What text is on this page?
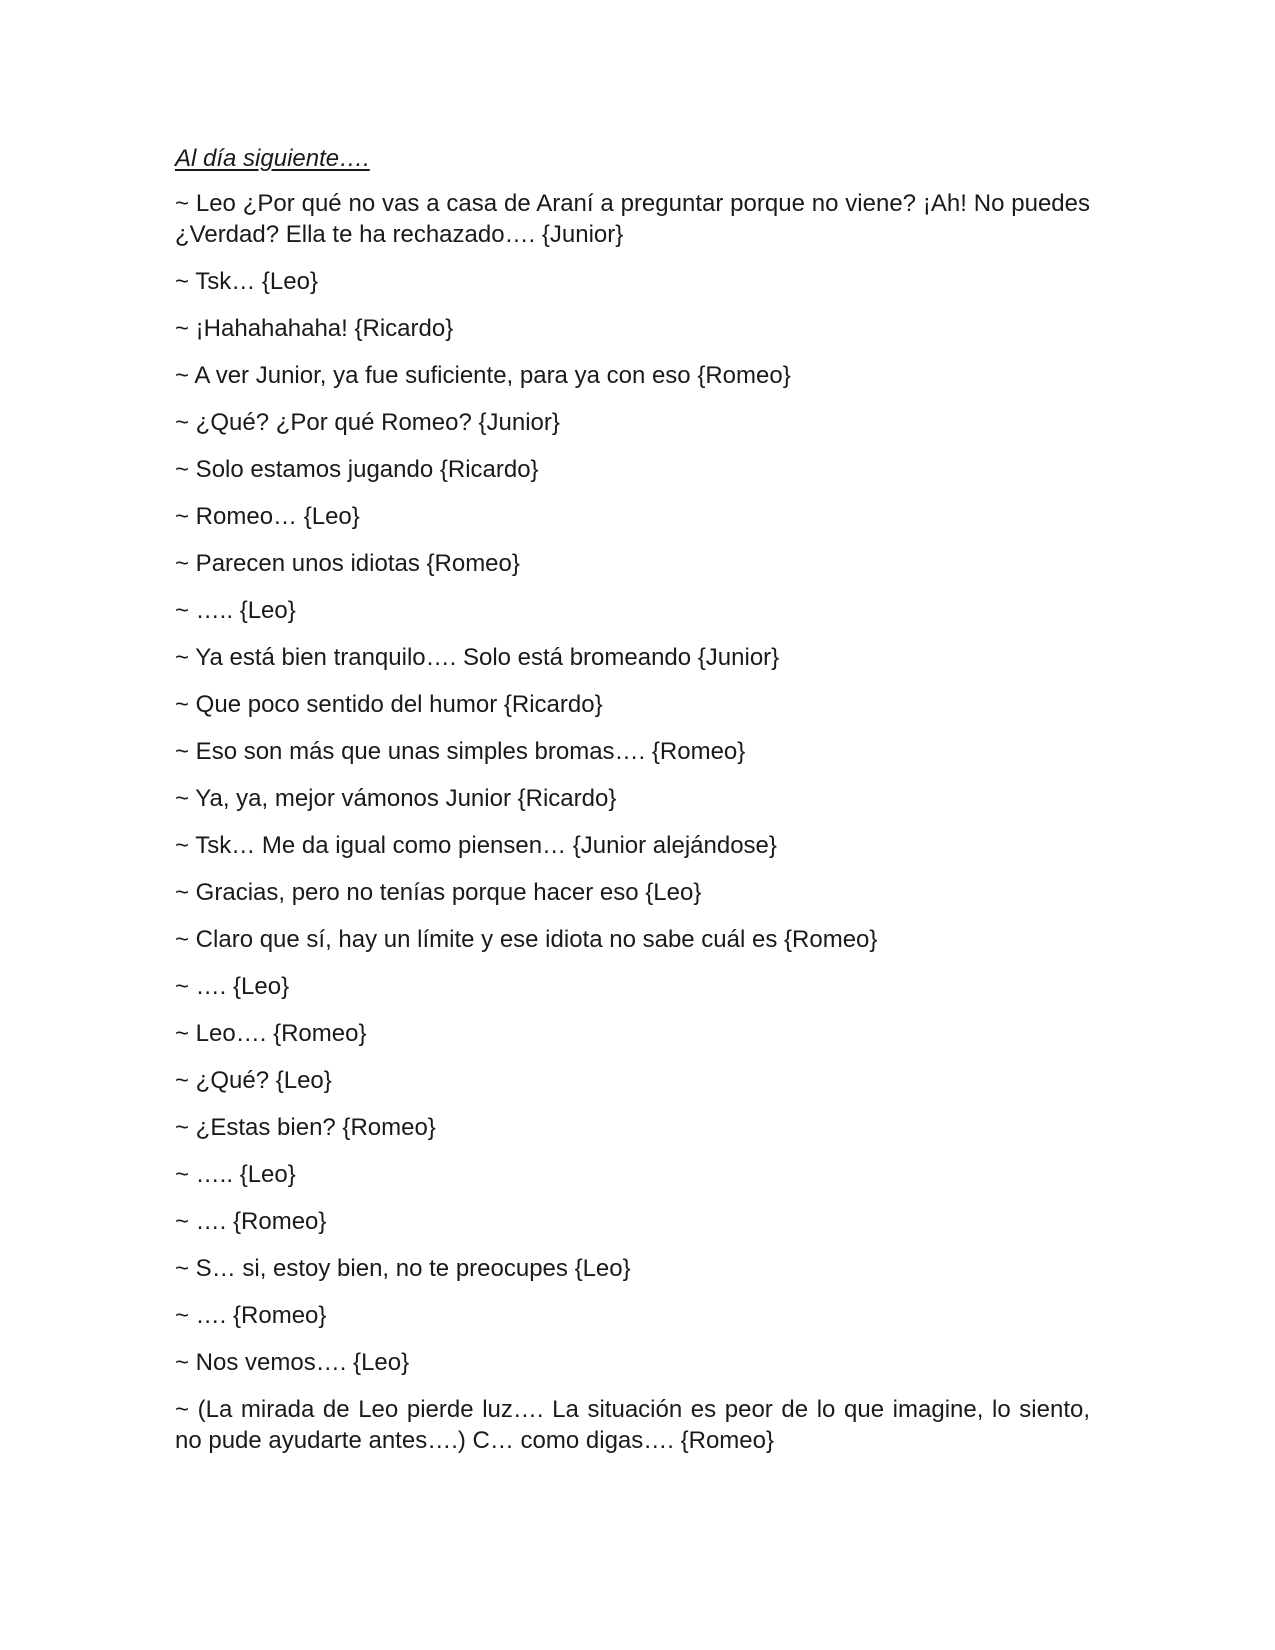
Al día siguiente….
~ Leo ¿Por qué no vas a casa de Araní a preguntar porque no viene? ¡Ah! No puedes ¿Verdad? Ella te ha rechazado…. {Junior}
~ Tsk… {Leo}
~ ¡Hahahahaha! {Ricardo}
~ A ver Junior, ya fue suficiente, para ya con eso {Romeo}
~ ¿Qué? ¿Por qué Romeo? {Junior}
~ Solo estamos jugando {Ricardo}
~ Romeo… {Leo}
~ Parecen unos idiotas {Romeo}
~ ….. {Leo}
~ Ya está bien tranquilo…. Solo está bromeando {Junior}
~ Que poco sentido del humor {Ricardo}
~ Eso son más que unas simples bromas…. {Romeo}
~ Ya, ya, mejor vámonos Junior {Ricardo}
~ Tsk… Me da igual como piensen… {Junior alejándose}
~ Gracias, pero no tenías porque hacer eso {Leo}
~ Claro que sí, hay un límite y ese idiota no sabe cuál es {Romeo}
~ …. {Leo}
~ Leo…. {Romeo}
~ ¿Qué? {Leo}
~ ¿Estas bien? {Romeo}
~ ….. {Leo}
~ …. {Romeo}
~ S… si, estoy bien, no te preocupes {Leo}
~ …. {Romeo}
~ Nos vemos…. {Leo}
~ (La mirada de Leo pierde luz…. La situación es peor de lo que imagine, lo siento, no pude ayudarte antes….) C… como digas…. {Romeo}
